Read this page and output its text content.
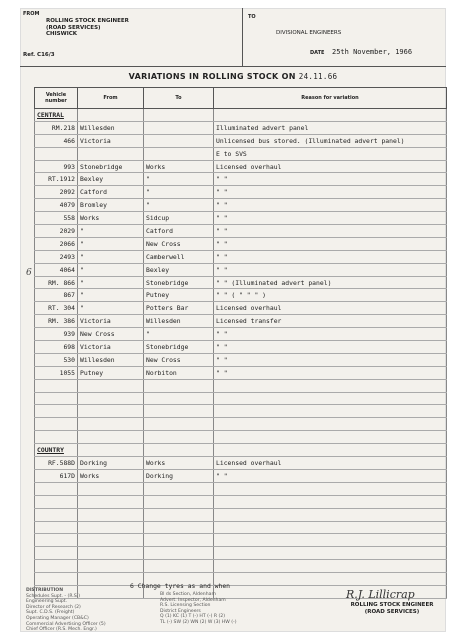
FROM
ROLLING STOCK ENGINEER
(ROAD SERVICES)
CHISWICK
Ref. C16/3
TO
DIVISIONAL ENGINEERS
DATE 25th November, 1966
VARIATIONS IN ROLLING STOCK ON 24.11.66
Vehicle number	From	To	Reason for variation
CENTRAL			
RM.218	Willesden		Illuminated advert panel
466	Victoria		Unlicensed bus stored. (Illuminated advert panel)
			E to SVS
993	Stonebridge	Works	Licensed overhaul
RT.1912	Bexley	"	" "
2092	Catford	"	" "
4079	Bromley	"	" "
558	Works	Sidcup	" "
2029	"	Catford	" "
2066	"	New Cross	" "
2493	"	Camberwell	" "
4064	"	Bexley	" "
RM. 866	"	Stonebridge	" " (Illuminated advert panel)
867	"	Putney	" " ( " " " )
RT. 304	"	Potters Bar	Licensed overhaul
RM. 386	Victoria	Willesden	Licensed transfer
939	New Cross	"	" "
698	Victoria	Stonebridge	" "
530	Willesden	New Cross	" "
1055	Putney	Norbiton	" "

COUNTRY			
RF.588D	Dorking	Works	Licensed overhaul
617D	Works	Dorking	" "

6
6 Change tyres as and when
DISTRIBUTION
Schedules Supt. - (R.S.)
Engineering Supt.
Director of Research (2)
Supt. C.D.S. (Freight)
Operating Manager (CB&C)
Commercial Advertising Officer (5)
Chief Officer (R.S. Mech. Engr.)
Bl ds Section, Aldenham
Advert. Inspector, Aldenham
R.S. Licensing Section
District Engineers
Q (1) KC (1) T (-) HT (-) R (2)
TL (-) SW (2) WN (2) W (3) HW (-)
R.J. Lillicrap
ROLLING STOCK ENGINEER
(ROAD SERVICES)
